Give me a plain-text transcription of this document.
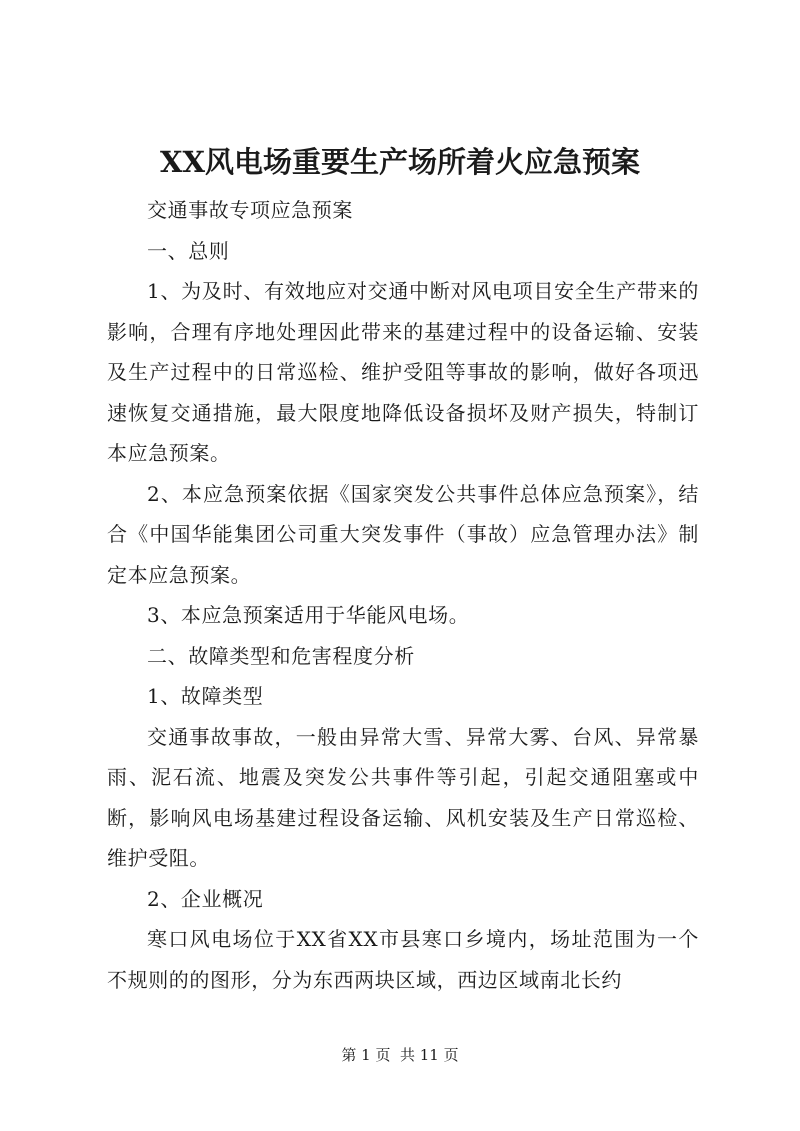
XX风电场重要生产场所着火应急预案

交通事故专项应急预案

一、总则

1、为及时、有效地应对交通中断对风电项目安全生产带来的影响，合理有序地处理因此带来的基建过程中的设备运输、安装及生产过程中的日常巡检、维护受阻等事故的影响，做好各项迅速恢复交通措施，最大限度地降低设备损坏及财产损失，特制订本应急预案。

2、本应急预案依据《国家突发公共事件总体应急预案》，结合《中国华能集团公司重大突发事件（事故）应急管理办法》制定本应急预案。

3、本应急预案适用于华能风电场。

二、故障类型和危害程度分析

1、故障类型

交通事故事故，一般由异常大雪、异常大雾、台风、异常暴雨、泥石流、地震及突发公共事件等引起，引起交通阻塞或中断，影响风电场基建过程设备运输、风机安装及生产日常巡检、维护受阻。

2、企业概况

寒口风电场位于XX省XX市县寒口乡境内，场址范围为一个不规则的的图形，分为东西两块区域，西边区域南北长约

第 1 页  共 11 页
